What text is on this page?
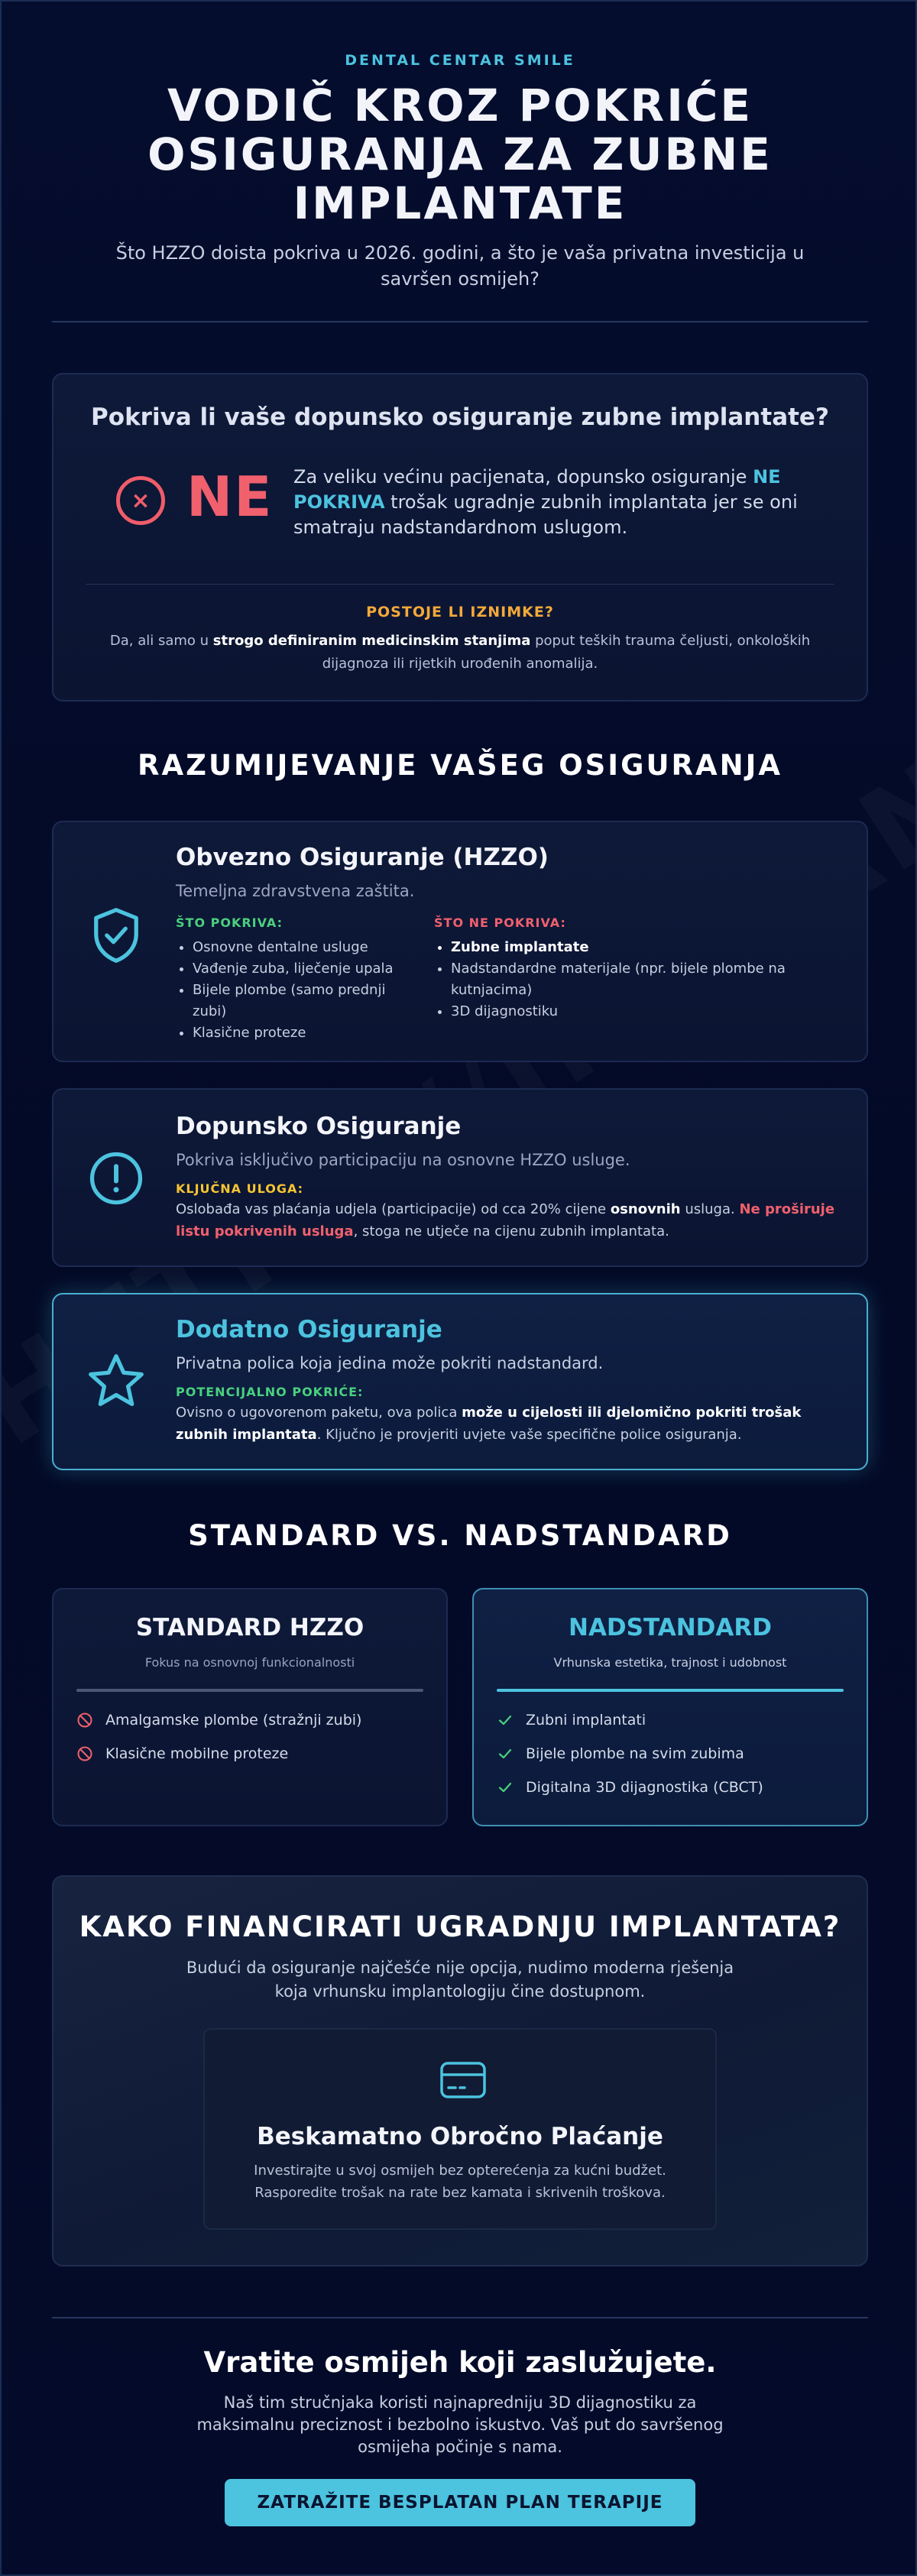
DENTAL CENTAR SMILE
VODIČ KROZ POKRIĆE OSIGURANJA ZA ZUBNE IMPLANTATE
Što HZZO doista pokriva u 2026. godini, a što je vaša privatna investicija u savršen osmijeh?
Pokriva li vaše dopunsko osiguranje zubne implantate?
× NE Za veliku većinu pacijenata, dopunsko osiguranje NE POKRIVA trošak ugradnje zubnih implantata jer se oni smatraju nadstandardnom uslugom.
POSTOJE LI IZNIMKE?
Da, ali samo u strogo definiranim medicinskim stanjima poput teških trauma čeljusti, onkoloških dijagnoza ili rijetkih urođenih anomalija.
RAZUMIJEVANJE VAŠEG OSIGURANJA
Obvezno Osiguranje (HZZO)
Temeljna zdravstvena zaštita.
ŠTO POKRIVA:
• Osnovne dentalne usluge
• Vađenje zuba, liječenje upala
• Bijele plombe (samo prednji zubi)
• Klasične proteze
ŠTO NE POKRIVA:
• Zubne implantate
• Nadstandardne materijale (npr. bijele plombe na kutnjacima)
• 3D dijagnostiku
Dopunsko Osiguranje
Pokriva isključivo participaciju na osnovne HZZO usluge.
KLJUČNA ULOGA:
Oslobađa vas plaćanja udjela (participacije) od cca 20% cijene osnovnih usluga. Ne proširuje listu pokrivenih usluga, stoga ne utječe na cijenu zubnih implantata.
Dodatno Osiguranje
Privatna polica koja jedina može pokriti nadstandard.
POTENCIJALNO POKRIĆE:
Ovisno o ugovorenom paketu, ova polica može u cijelosti ili djelomično pokriti trošak zubnih implantata. Ključno je provjeriti uvjete vaše specifične police osiguranja.
STANDARD VS. NADSTANDARD
STANDARD HZZO
Fokus na osnovnoj funkcionalnosti
Amalgamske plombe (stražnji zubi)
Klasične mobilne proteze
NADSTANDARD
Vrhunska estetika, trajnost i udobnost
Zubni implantati
Bijele plombe na svim zubima
Digitalna 3D dijagnostika (CBCT)
KAKO FINANCIRATI UGRADNJU IMPLANTATA?
Budući da osiguranje najčešće nije opcija, nudimo moderna rješenja koja vrhunsku implantologiju čine dostupnom.
Beskamatno Obročno Plaćanje
Investirajte u svoj osmijeh bez opterećenja za kućni budžet. Rasporedite trošak na rate bez kamata i skrivenih troškova.
Vratite osmijeh koji zaslužujete.
Naš tim stručnjaka koristi najnapredniju 3D dijagnostiku za maksimalnu preciznost i bezbolno iskustvo. Vaš put do savršenog osmijeha počinje s nama.
ZATRAŽITE BESPLATAN PLAN TERAPIJE
